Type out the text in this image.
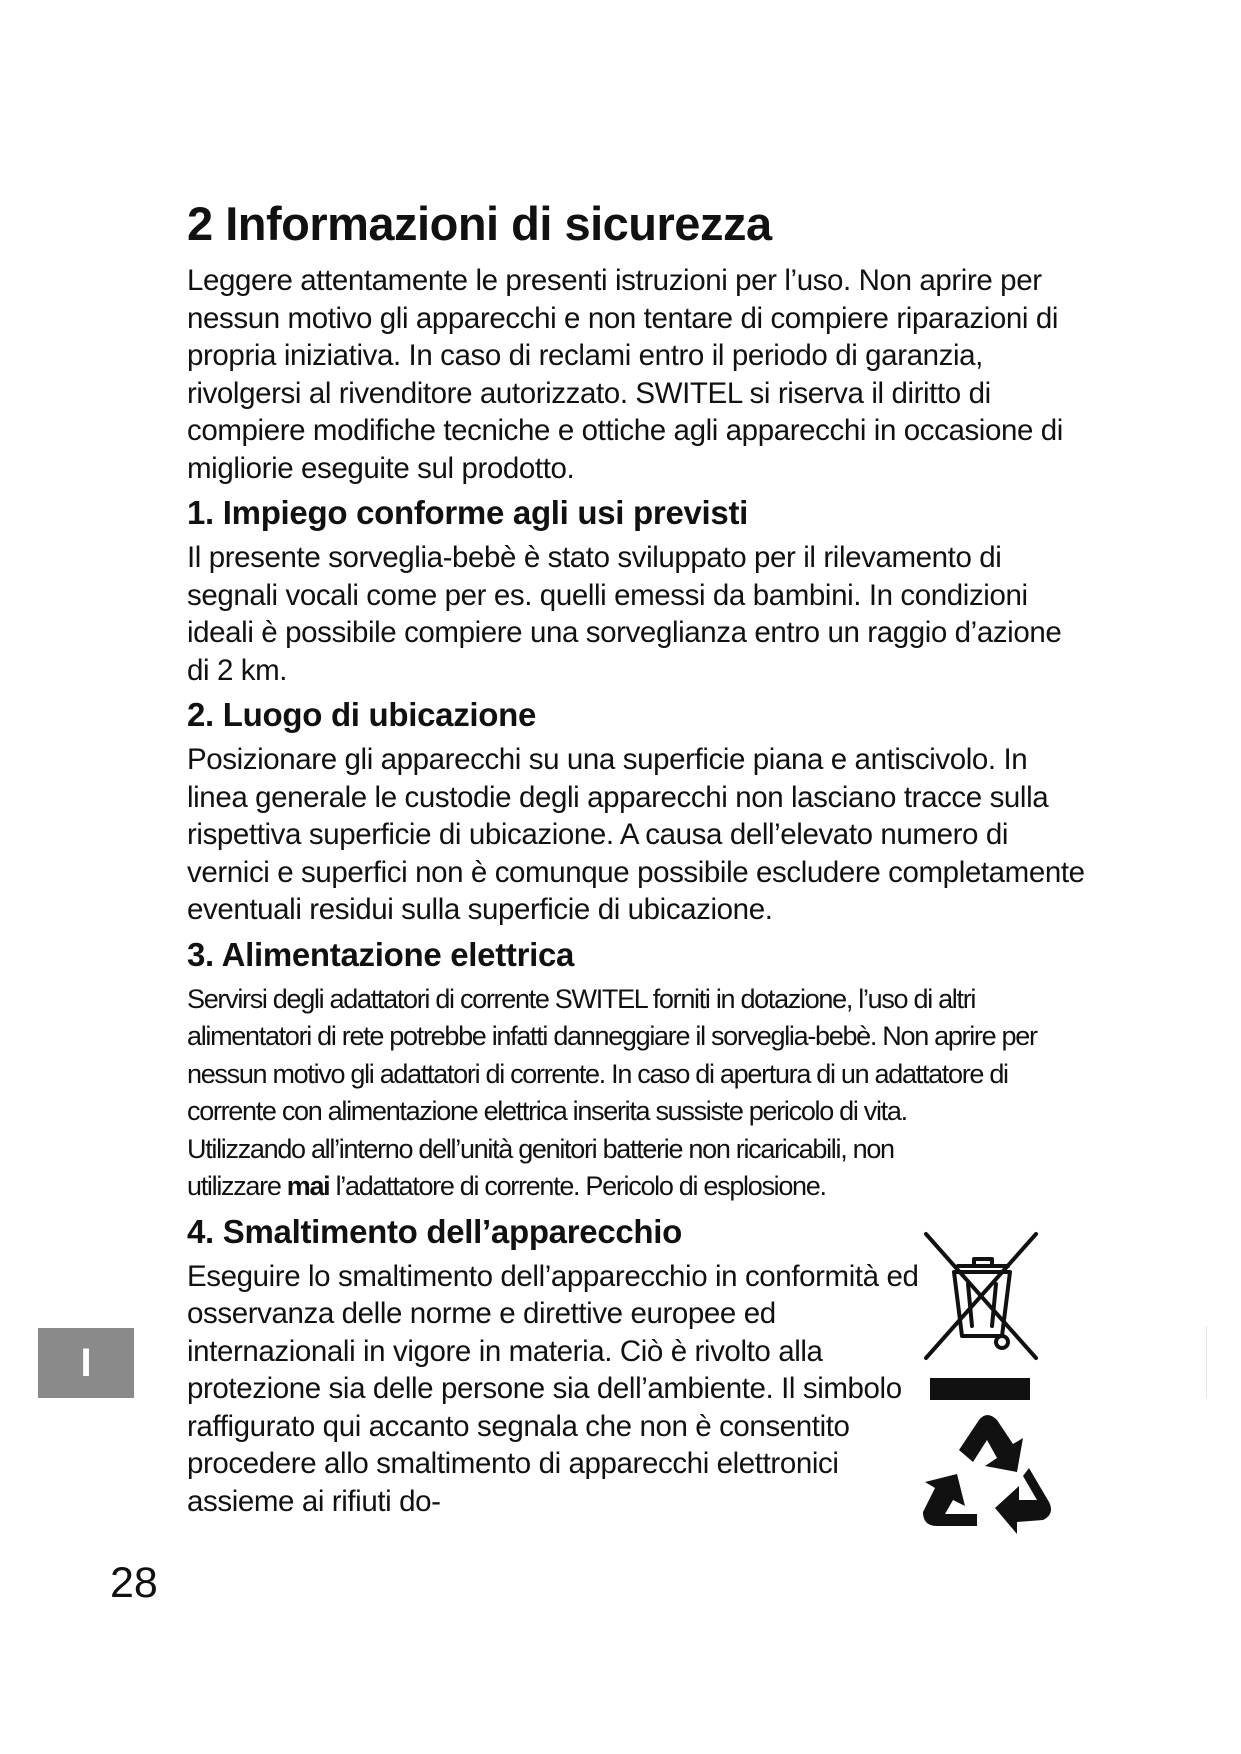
2 Informazioni di sicurezza

Leggere attentamente le presenti istruzioni per l’uso. Non aprire per nessun motivo gli apparecchi e non tentare di compiere riparazioni di propria iniziativa. In caso di reclami entro il periodo di garanzia, rivolgersi al rivenditore autorizzato. SWITEL si riserva il diritto di compiere modifiche tecniche e ottiche agli apparecchi in occasione di migliorie eseguite sul prodotto.

1. Impiego conforme agli usi previsti

Il presente sorveglia-bebè è stato sviluppato per il rilevamento di segnali vocali come per es. quelli emessi da bambini. In condizioni ideali è possibile compiere una sorveglianza entro un raggio d’azione di 2 km.

2. Luogo di ubicazione

Posizionare gli apparecchi su una superficie piana e antiscivolo. In linea generale le custodie degli apparecchi non lasciano tracce sulla rispettiva superficie di ubicazione. A causa dell’elevato numero di vernici e superfici non è comunque possibile escludere completamente eventuali residui sulla superficie di ubicazione.

3. Alimentazione elettrica

Servirsi degli adattatori di corrente SWITEL forniti in dotazione, l’uso di altri alimentatori di rete potrebbe infatti danneggiare il sorveglia-bebè. Non aprire per nessun motivo gli adattatori di corrente. In caso di apertura di un adattatore di corrente con alimentazione elettrica inserita sussiste pericolo di vita.

Utilizzando all’interno dell’unità genitori batterie non ricaricabili, non utilizzare mai l’adattatore di corrente. Pericolo di esplosione.

4. Smaltimento dell’apparecchio

Eseguire lo smaltimento dell’apparecchio in conformità ed osservanza delle norme e direttive europee ed internazionali in vigore in materia. Ciò è rivolto alla protezione sia delle persone sia dell’ambiente. Il simbolo raffigurato qui accanto segnala che non è consentito procedere allo smaltimento di apparecchi elettronici assieme ai rifiuti do-

I
28
